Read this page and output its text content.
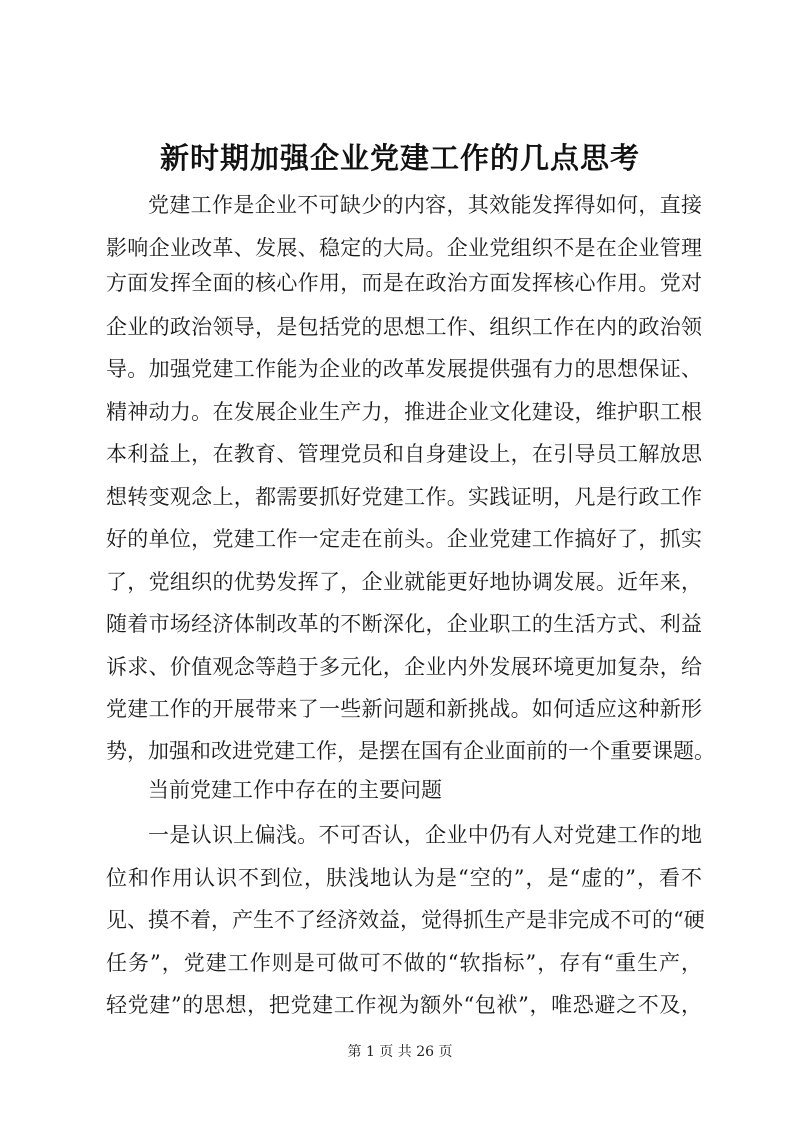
新时期加强企业党建工作的几点思考
党建工作是企业不可缺少的内容，其效能发挥得如何，直接
影响企业改革、发展、稳定的大局。企业党组织不是在企业管理
方面发挥全面的核心作用，而是在政治方面发挥核心作用。党对
企业的政治领导，是包括党的思想工作、组织工作在内的政治领
导。加强党建工作能为企业的改革发展提供强有力的思想保证、
精神动力。在发展企业生产力，推进企业文化建设，维护职工根
本利益上，在教育、管理党员和自身建设上，在引导员工解放思
想转变观念上，都需要抓好党建工作。实践证明，凡是行政工作
好的单位，党建工作一定走在前头。企业党建工作搞好了，抓实
了，党组织的优势发挥了，企业就能更好地协调发展。近年来，
随着市场经济体制改革的不断深化，企业职工的生活方式、利益
诉求、价值观念等趋于多元化，企业内外发展环境更加复杂，给
党建工作的开展带来了一些新问题和新挑战。如何适应这种新形
势，加强和改进党建工作，是摆在国有企业面前的一个重要课题。
当前党建工作中存在的主要问题
一是认识上偏浅。不可否认，企业中仍有人对党建工作的地
位和作用认识不到位，肤浅地认为是“空的”，是“虚的”，看不
见、摸不着，产生不了经济效益，觉得抓生产是非完成不可的“硬
任务”，党建工作则是可做可不做的“软指标”，存有“重生产，
轻党建”的思想，把党建工作视为额外“包袱”，唯恐避之不及，
第 1 页 共 26 页
